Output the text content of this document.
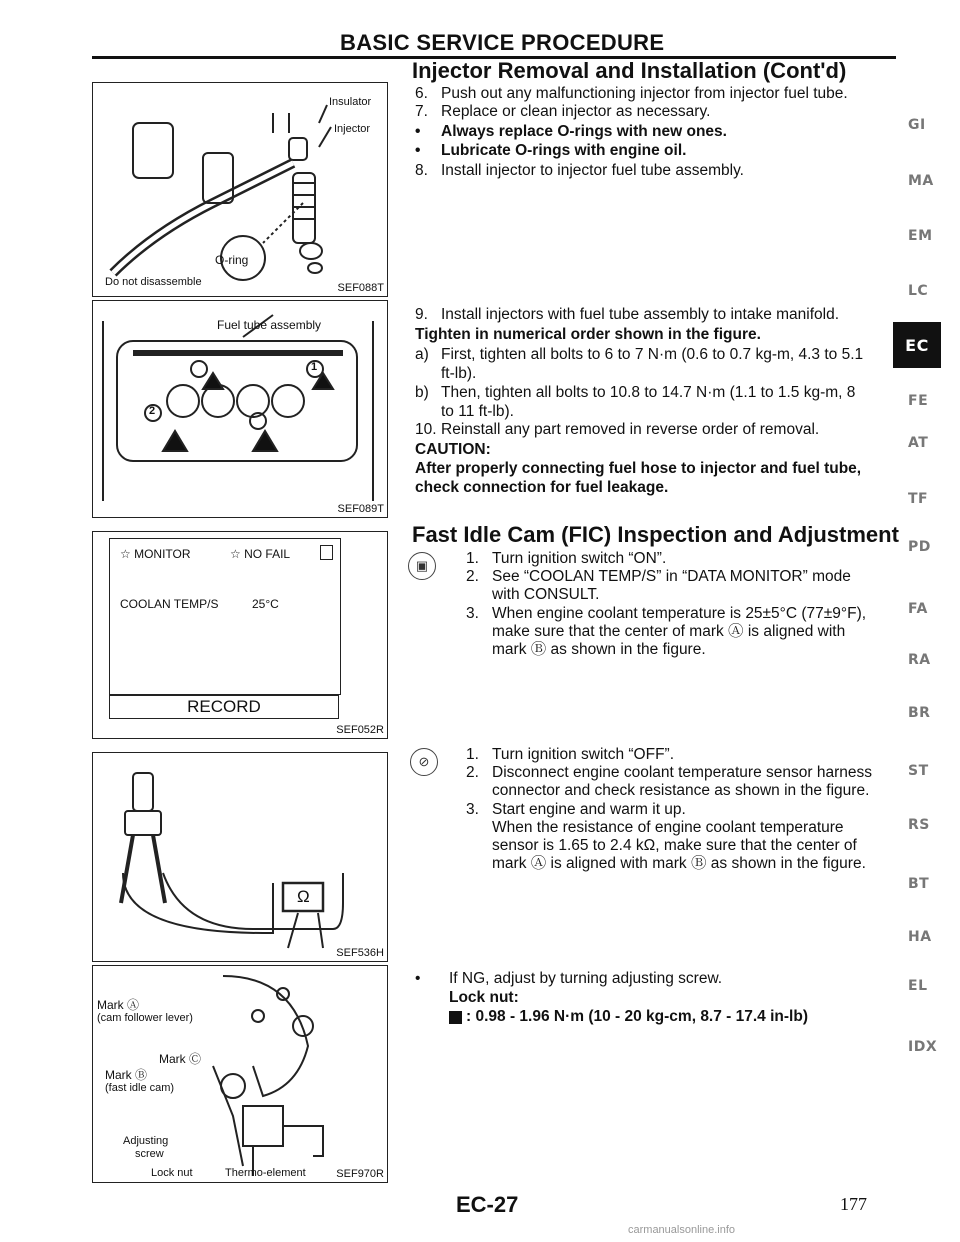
BASIC SERVICE PROCEDURE
Injector Removal and Installation (Cont'd)
Insulator
Injector
O-ring
Do not disassemble	SEF088T
Fuel tube assembly
2
1
SEF089T
☆ MONITOR	☆ NO FAIL
COOLAN TEMP/S	25°C
RECORD
SEF052R
Ω
SEF536H
Mark Ⓐ
(cam follower lever)
Mark Ⓒ
Mark Ⓑ
(fast idle cam)
Adjusting
screw
Lock nut	Thermo-element	SEF970R
6. Push out any malfunctioning injector from injector fuel tube.
7. Replace or clean injector as necessary.
•	Always replace O-rings with new ones.
•	Lubricate O-rings with engine oil.
8. Install injector to injector fuel tube assembly.
9. Install injectors with fuel tube assembly to intake manifold.
Tighten in numerical order shown in the figure.
a) First, tighten all bolts to 6 to 7 N·m (0.6 to 0.7 kg-m, 4.3 to 5.1
ft-lb).
b) Then, tighten all bolts to 10.8 to 14.7 N·m (1.1 to 1.5 kg-m, 8
to 11 ft-lb).
10. Reinstall any part removed in reverse order of removal.
CAUTION:
After properly connecting fuel hose to injector and fuel tube,
check connection for fuel leakage.
Fast Idle Cam (FIC) Inspection and Adjustment
▣	1. Turn ignition switch “ON”.
2. See “COOLAN TEMP/S” in “DATA MONITOR” mode
with CONSULT.
3. When engine coolant temperature is 25±5°C (77±9°F),
make sure that the center of mark Ⓐ is aligned with
mark Ⓑ as shown in the figure.
⊘	1. Turn ignition switch “OFF”.
2. Disconnect engine coolant temperature sensor harness
connector and check resistance as shown in the figure.
3. Start engine and warm it up.
When the resistance of engine coolant temperature
sensor is 1.65 to 2.4 kΩ, make sure that the center of
mark Ⓐ is aligned with mark Ⓑ as shown in the figure.
•	If NG, adjust by turning adjusting screw.
Lock nut:
: 0.98 - 1.96 N·m (10 - 20 kg-cm, 8.7 - 17.4 in-lb)
GI
MA
EM
LC
EC
FE
AT
TF
PD
FA
RA
BR
ST
RS
BT
HA
EL
IDX
EC-27	177
carmanualsonline.info
